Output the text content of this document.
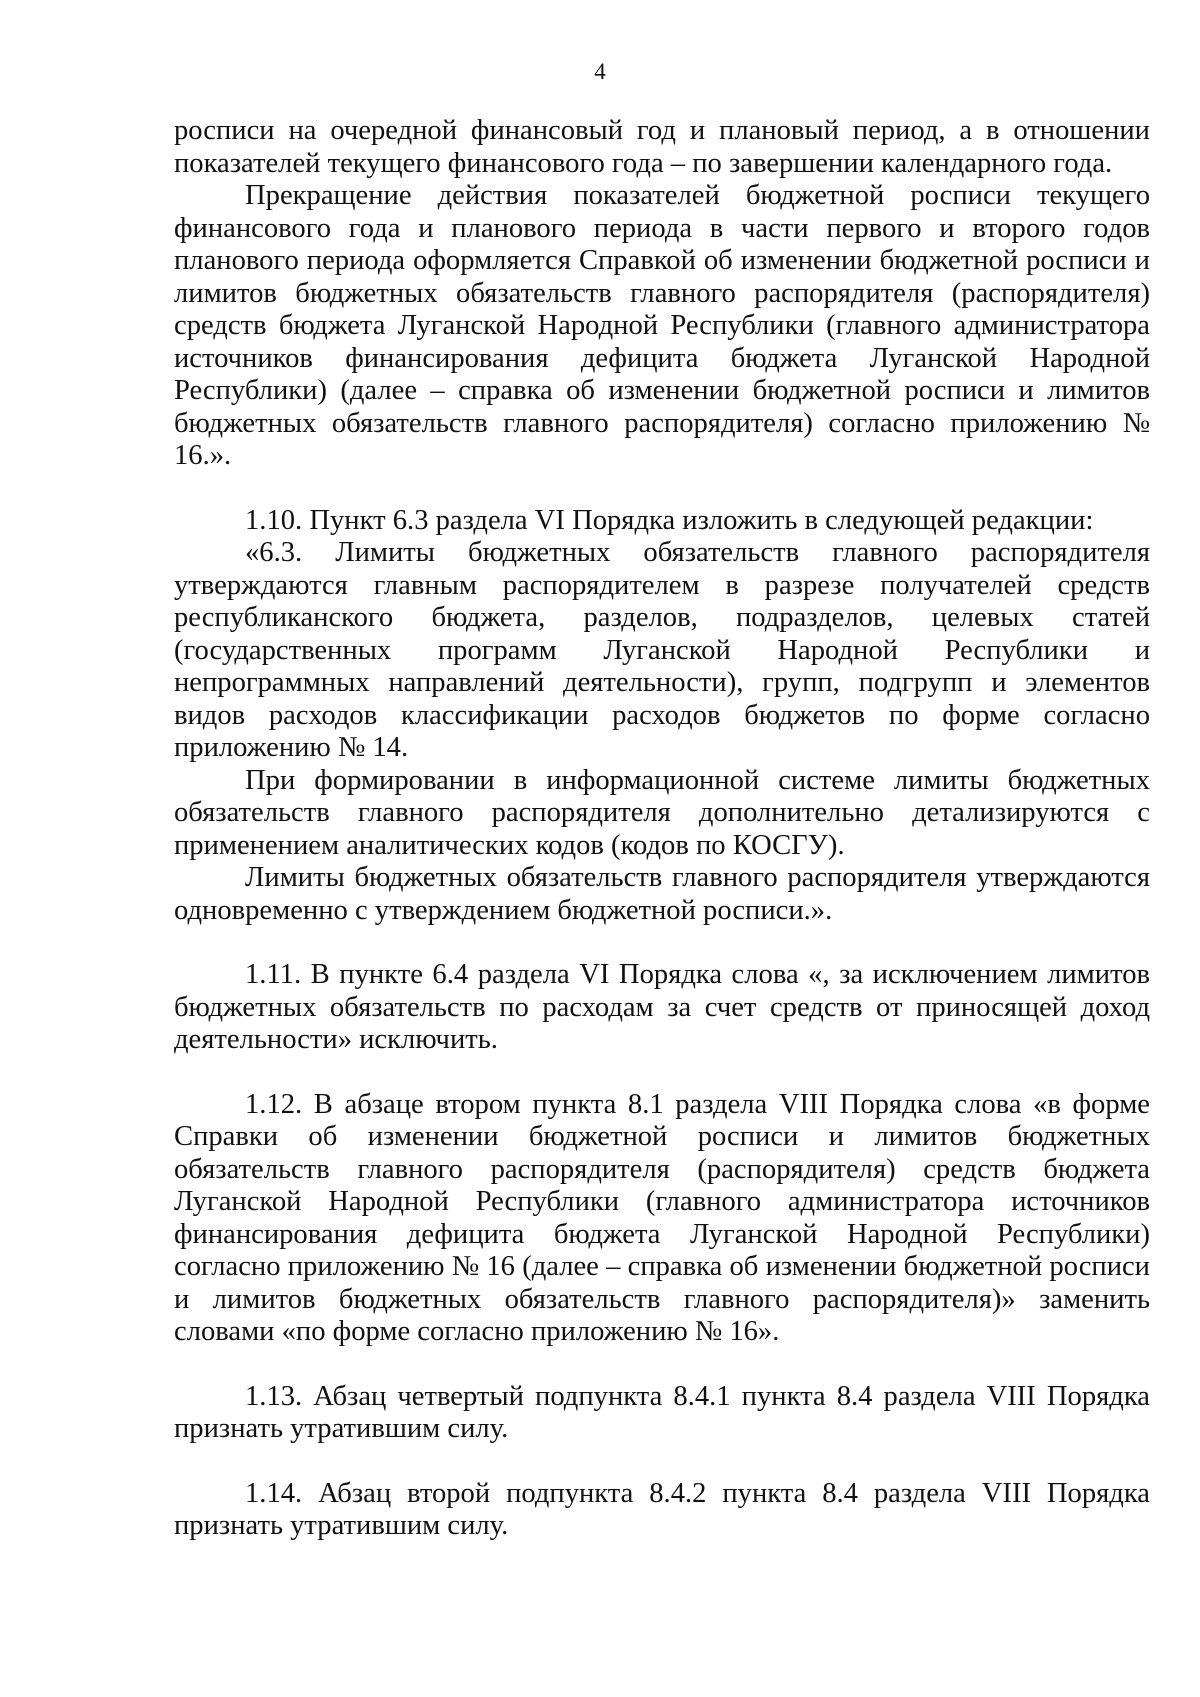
4

росписи на очередной финансовый год и плановый период, а в отношении показателей текущего финансового года – по завершении календарного года.

Прекращение действия показателей бюджетной росписи текущего финансового года и планового периода в части первого и второго годов планового периода оформляется Справкой об изменении бюджетной росписи и лимитов бюджетных обязательств главного распорядителя (распорядителя) средств бюджета Луганской Народной Республики (главного администратора источников финансирования дефицита бюджета Луганской Народной Республики) (далее – справка об изменении бюджетной росписи и лимитов бюджетных обязательств главного распорядителя) согласно приложению № 16.».

1.10. Пункт 6.3 раздела VI Порядка изложить в следующей редакции:

«6.3. Лимиты бюджетных обязательств главного распорядителя утверждаются главным распорядителем в разрезе получателей средств республиканского бюджета, разделов, подразделов, целевых статей (государственных программ Луганской Народной Республики и непрограммных направлений деятельности), групп, подгрупп и элементов видов расходов классификации расходов бюджетов по форме согласно приложению № 14.

При формировании в информационной системе лимиты бюджетных обязательств главного распорядителя дополнительно детализируются с применением аналитических кодов (кодов по КОСГУ).

Лимиты бюджетных обязательств главного распорядителя утверждаются одновременно с утверждением бюджетной росписи.».

1.11. В пункте 6.4 раздела VI Порядка слова «, за исключением лимитов бюджетных обязательств по расходам за счет средств от приносящей доход деятельности» исключить.

1.12. В абзаце втором пункта 8.1 раздела VIII Порядка слова «в форме Справки об изменении бюджетной росписи и лимитов бюджетных обязательств главного распорядителя (распорядителя) средств бюджета Луганской Народной Республики (главного администратора источников финансирования дефицита бюджета Луганской Народной Республики) согласно приложению № 16 (далее – справка об изменении бюджетной росписи и лимитов бюджетных обязательств главного распорядителя)» заменить словами «по форме согласно приложению № 16».

1.13. Абзац четвертый подпункта 8.4.1 пункта 8.4 раздела VIII Порядка признать утратившим силу.

1.14. Абзац второй подпункта 8.4.2 пункта 8.4 раздела VIII Порядка признать утратившим силу.
